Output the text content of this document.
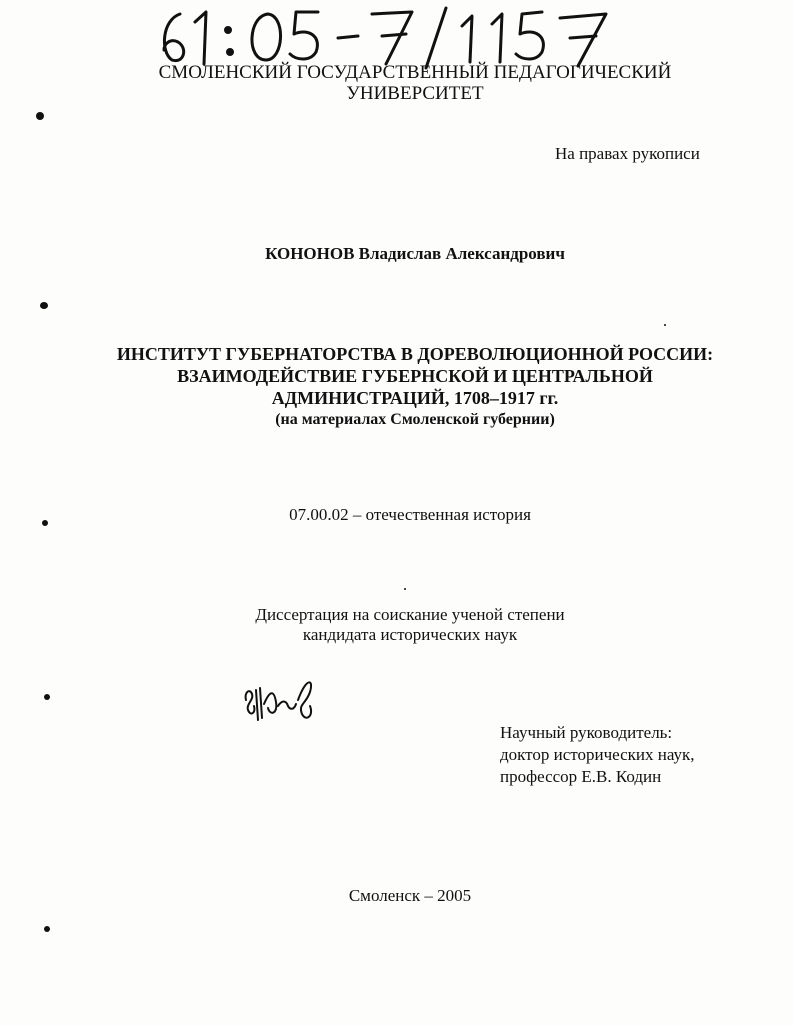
СМОЛЕНСКИЙ ГОСУДАРСТВЕННЫЙ ПЕДАГОГИЧЕСКИЙ
УНИВЕРСИТЕТ
На правах рукописи
КОНОНОВ Владислав Александрович
ИНСТИТУТ ГУБЕРНАТОРСТВА В ДОРЕВОЛЮЦИОННОЙ РОССИИ:
ВЗАИМОДЕЙСТВИЕ ГУБЕРНСКОЙ И ЦЕНТРАЛЬНОЙ
АДМИНИСТРАЦИЙ, 1708–1917 гг.
(на материалах Смоленской губернии)
07.00.02 – отечественная история
Диссертация на соискание ученой степени
кандидата исторических наук
Научный руководитель:
доктор исторических наук,
профессор Е.В. Кодин
Смоленск – 2005
